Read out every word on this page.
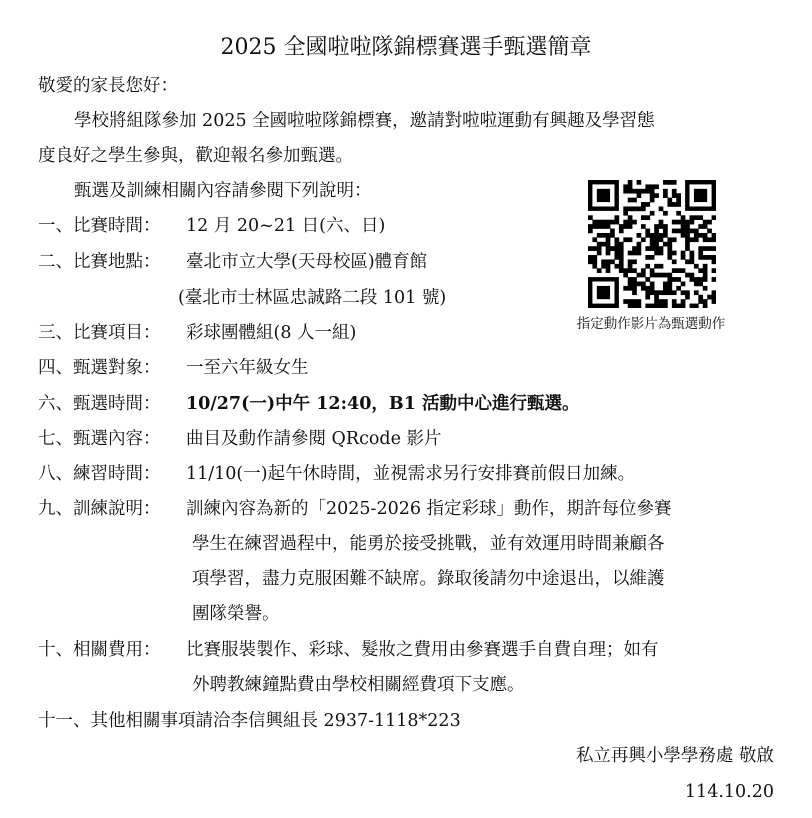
2025 全國啦啦隊錦標賽選手甄選簡章
敬愛的家長您好：
學校將組隊參加 2025 全國啦啦隊錦標賽，邀請對啦啦運動有興趣及學習態
度良好之學生參與，歡迎報名參加甄選。
甄選及訓練相關內容請參閱下列說明：
一、比賽時間： 12 月 20~21 日(六、日)
二、比賽地點： 臺北市立大學(天母校區)體育館
(臺北市士林區忠誠路二段 101 號)
三、比賽項目： 彩球團體組(8 人一組)
四、甄選對象： 一至六年級女生
六、甄選時間： 10/27(一)中午 12:40，B1 活動中心進行甄選。
七、甄選內容： 曲目及動作請參閱 QRcode 影片
八、練習時間： 11/10(一)起午休時間，並視需求另行安排賽前假日加練。
九、訓練說明： 訓練內容為新的「2025-2026 指定彩球」動作，期許每位參賽
學生在練習過程中，能勇於接受挑戰，並有效運用時間兼顧各
項學習，盡力克服困難不缺席。錄取後請勿中途退出，以維護
團隊榮譽。
十、相關費用： 比賽服裝製作、彩球、髮妝之費用由參賽選手自費自理；如有
外聘教練鐘點費由學校相關經費項下支應。
十一、其他相關事項請洽李信興組長 2937-1118*223
私立再興小學學務處 敬啟
114.10.20
指定動作影片為甄選動作
